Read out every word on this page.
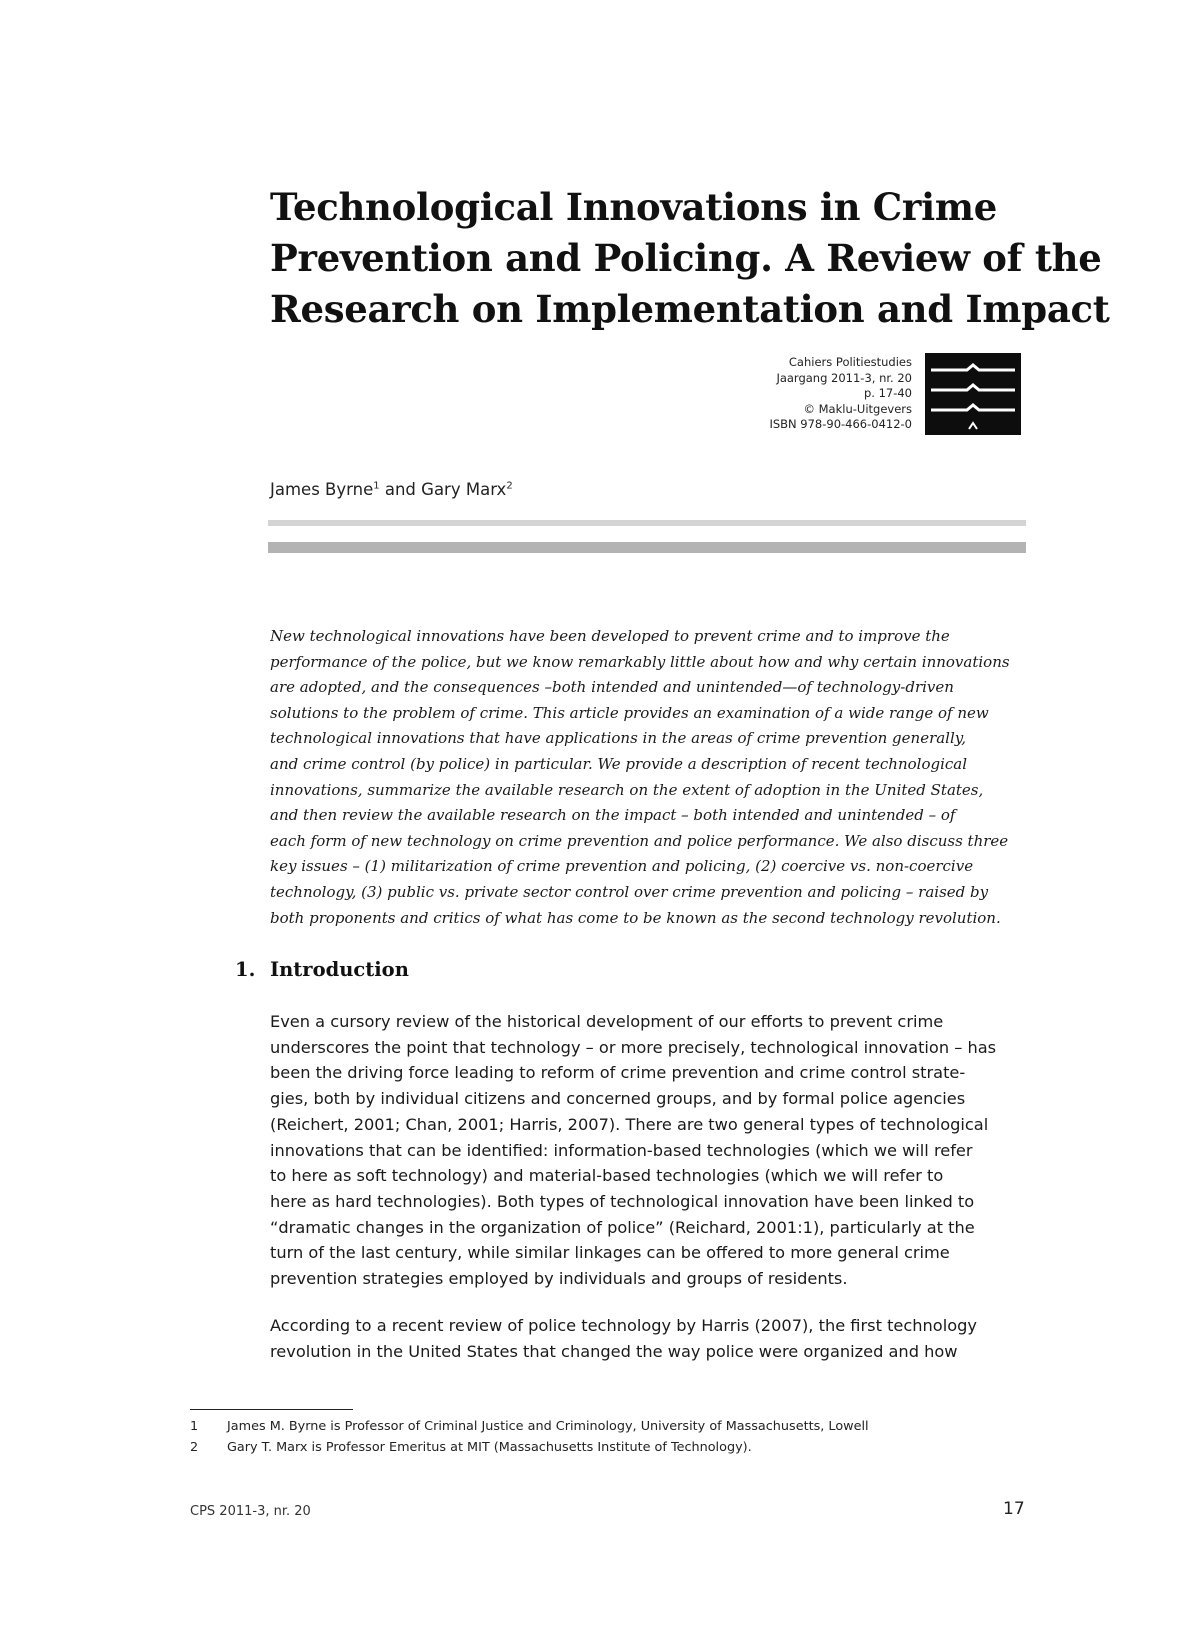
Technological Innovations in Crime
Prevention and Policing. A Review of the
Research on Implementation and Impact
Cahiers Politiestudies
Jaargang 2011-3, nr. 20
p. 17-40
© Maklu-Uitgevers
ISBN 978-90-466-0412-0
James Byrne$^1$ and Gary Marx$^2$
New technological innovations have been developed to prevent crime and to improve the
performance of the police, but we know remarkably little about how and why certain innovations
are adopted, and the consequences –both intended and unintended—of technology-driven
solutions to the problem of crime. This article provides an examination of a wide range of new
technological innovations that have applications in the areas of crime prevention generally,
and crime control (by police) in particular. We provide a description of recent technological
innovations, summarize the available research on the extent of adoption in the United States,
and then review the available research on the impact – both intended and unintended – of
each form of new technology on crime prevention and police performance. We also discuss three
key issues – (1) militarization of crime prevention and policing, (2) coercive vs. non-coercive
technology, (3) public vs. private sector control over crime prevention and policing – raised by
both proponents and critics of what has come to be known as the second technology revolution.
1. Introduction
Even a cursory review of the historical development of our efforts to prevent crime
underscores the point that technology – or more precisely, technological innovation – has
been the driving force leading to reform of crime prevention and crime control strate-
gies, both by individual citizens and concerned groups, and by formal police agencies
(Reichert, 2001; Chan, 2001; Harris, 2007). There are two general types of technological
innovations that can be identified: information-based technologies (which we will refer
to here as soft technology) and material-based technologies (which we will refer to
here as hard technologies). Both types of technological innovation have been linked to
“dramatic changes in the organization of police” (Reichard, 2001:1), particularly at the
turn of the last century, while similar linkages can be offered to more general crime
prevention strategies employed by individuals and groups of residents.
According to a recent review of police technology by Harris (2007), the first technology
revolution in the United States that changed the way police were organized and how
1 James M. Byrne is Professor of Criminal Justice and Criminology, University of Massachusetts, Lowell
2 Gary T. Marx is Professor Emeritus at MIT (Massachusetts Institute of Technology).
CPS 2011-3, nr. 20	17
